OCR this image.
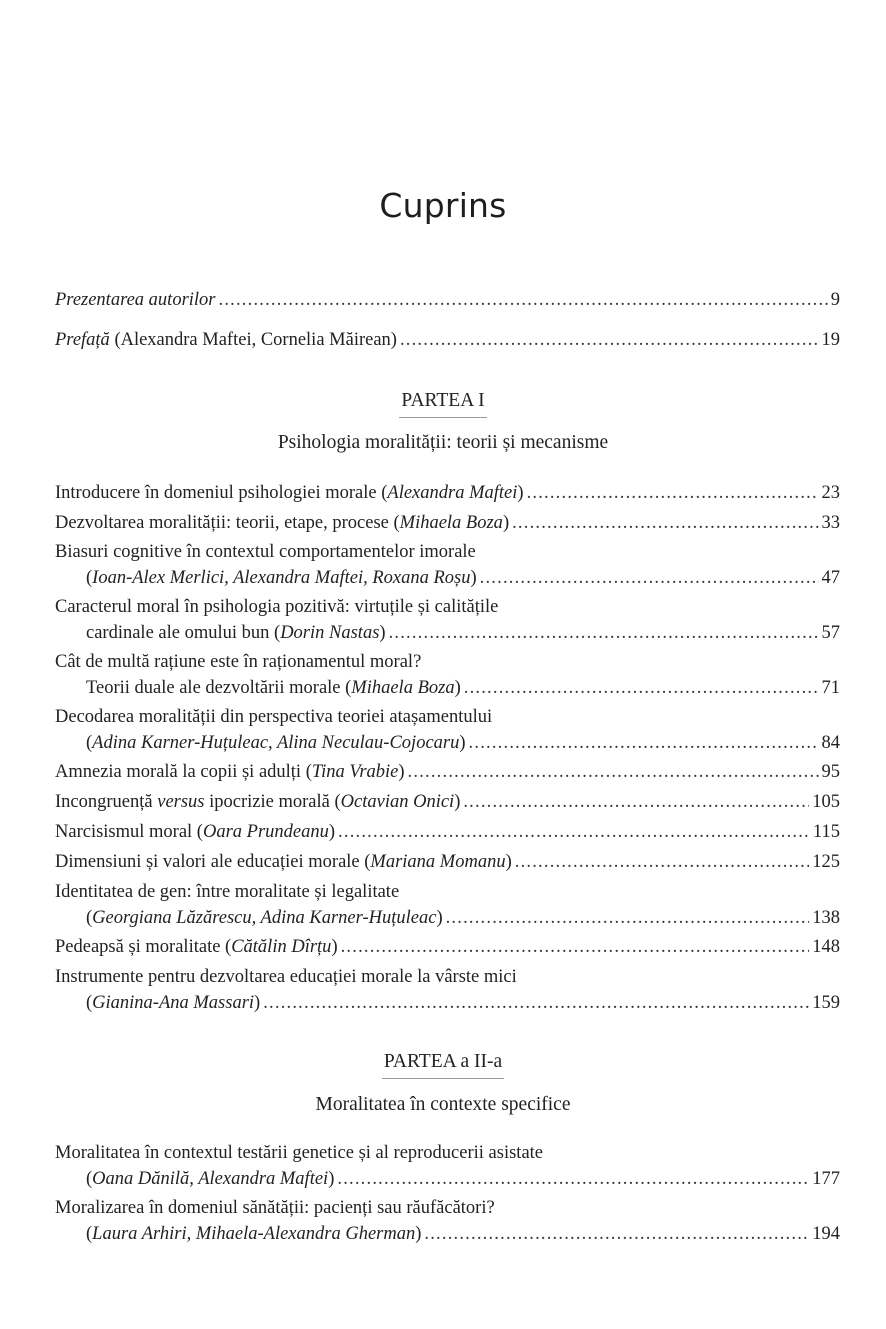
Cuprins
Prezentarea autorilor .....	9
Prefață (Alexandra Maftei, Cornelia Măirean) .....	19
PARTEA I
Psihologia moralității: teorii și mecanisme
Introducere în domeniul psihologiei morale (Alexandra Maftei) .....	23
Dezvoltarea moralității: teorii, etape, procese (Mihaela Boza) .....	33
Biasuri cognitive în contextul comportamentelor imorale
(Ioan-Alex Merlici, Alexandra Maftei, Roxana Roșu) .....	47
Caracterul moral în psihologia pozitivă: virtuțile și calitățile
cardinale ale omului bun (Dorin Nastas) .....	57
Cât de multă rațiune este în raționamentul moral?
Teorii duale ale dezvoltării morale (Mihaela Boza) .....	71
Decodarea moralității din perspectiva teoriei atașamentului
(Adina Karner-Huțuleac, Alina Neculau-Cojocaru) .....	84
Amnezia morală la copii și adulți (Tina Vrabie) .....	95
Incongruență versus ipocrizie morală (Octavian Onici) .....	105
Narcisismul moral (Oara Prundeanu) .....	115
Dimensiuni și valori ale educației morale (Mariana Momanu) .....	125
Identitatea de gen: între moralitate și legalitate
(Georgiana Lăzărescu, Adina Karner-Huțuleac) .....	138
Pedeapsă și moralitate (Cătălin Dîrțu) .....	148
Instrumente pentru dezvoltarea educației morale la vârste mici
(Gianina-Ana Massari) .....	159
PARTEA a II-a
Moralitatea în contexte specifice
Moralitatea în contextul testării genetice și al reproducerii asistate
(Oana Dănilă, Alexandra Maftei) .....	177
Moralizarea în domeniul sănătății: pacienți sau răufăcători?
(Laura Arhiri, Mihaela-Alexandra Gherman) .....	194
